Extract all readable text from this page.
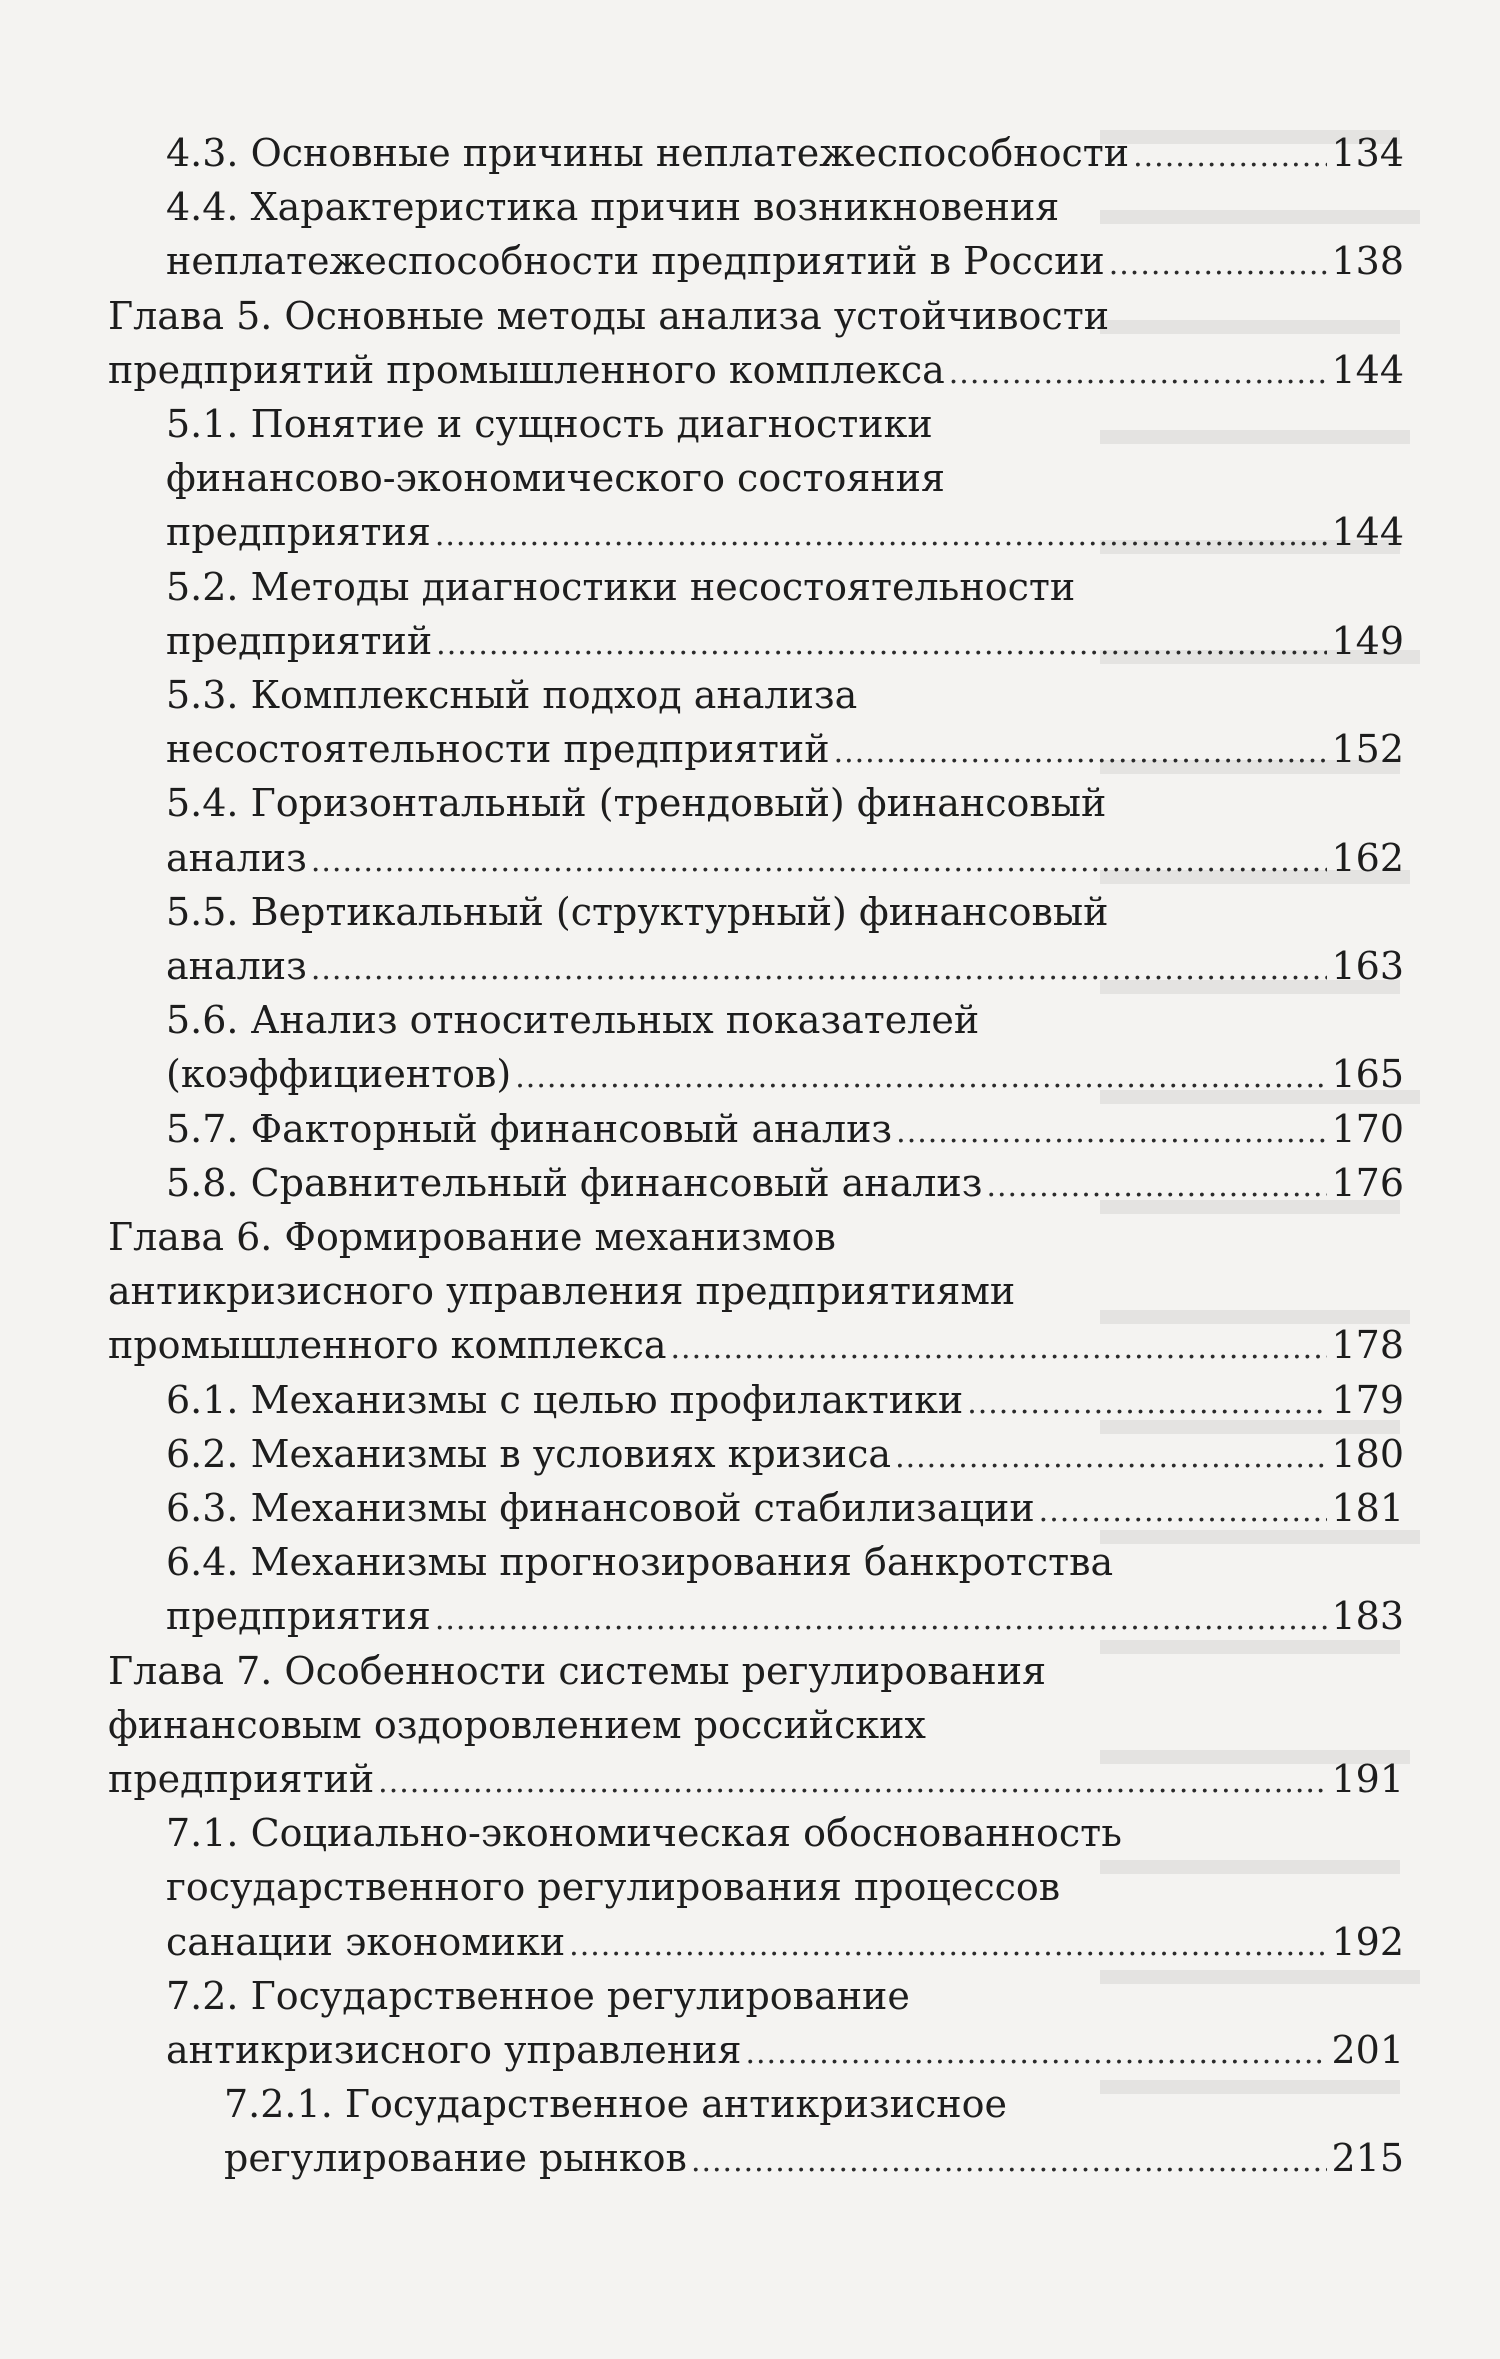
4.3. Основные причины неплатежеспособности .....	134
4.4. Характеристика причин возникновения
неплатежеспособности предприятий в России .....	138
Глава 5. Основные методы анализа устойчивости
предприятий промышленного комплекса .....	144
5.1. Понятие и сущность диагностики
финансово-экономического состояния
предприятия .....	144
5.2. Методы диагностики несостоятельности
предприятий .....	149
5.3. Комплексный подход анализа
несостоятельности предприятий .....	152
5.4. Горизонтальный (трендовый) финансовый
анализ .....	162
5.5. Вертикальный (структурный) финансовый
анализ .....	163
5.6. Анализ относительных показателей
(коэффициентов) .....	165
5.7. Факторный финансовый анализ .....	170
5.8. Сравнительный финансовый анализ .....	176
Глава 6. Формирование механизмов
антикризисного управления предприятиями
промышленного комплекса .....	178
6.1. Механизмы с целью профилактики .....	179
6.2. Механизмы в условиях кризиса .....	180
6.3. Механизмы финансовой стабилизации .....	181
6.4. Механизмы прогнозирования банкротства
предприятия .....	183
Глава 7. Особенности системы регулирования
финансовым оздоровлением российских
предприятий .....	191
7.1. Социально-экономическая обоснованность
государственного регулирования процессов
санации экономики .....	192
7.2. Государственное регулирование
антикризисного управления .....	201
7.2.1. Государственное антикризисное
регулирование рынков .....	215
